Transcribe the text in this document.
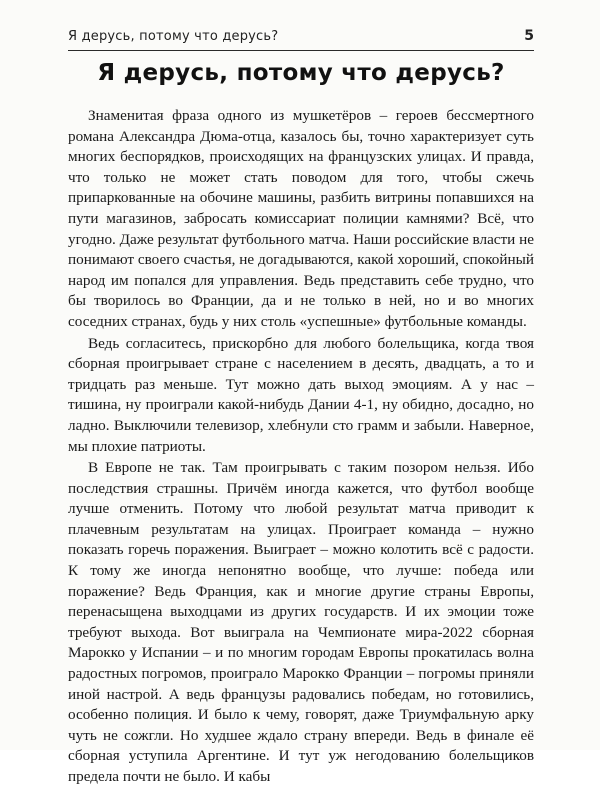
Я дерусь, потому что дерусь?	5
Я дерусь, потому что дерусь?

Знаменитая фраза одного из мушкетёров – героев бессмертного романа Александра Дюма-отца, казалось бы, точно характеризует суть многих беспорядков, происходящих на французских улицах. И правда, что только не может стать поводом для того, чтобы сжечь припаркованные на обочине машины, разбить витрины попавшихся на пути магазинов, забросать комиссариат полиции камнями? Всё, что угодно. Даже результат футбольного матча. Наши российские власти не понимают своего счастья, не догадываются, какой хороший, спокойный народ им попался для управления. Ведь представить себе трудно, что бы творилось во Франции, да и не только в ней, но и во многих соседних странах, будь у них столь «успешные» футбольные команды.

Ведь согласитесь, прискорбно для любого болельщика, когда твоя сборная проигрывает стране с населением в десять, двадцать, а то и тридцать раз меньше. Тут можно дать выход эмоциям. А у нас – тишина, ну проиграли какой-нибудь Дании 4-1, ну обидно, досадно, но ладно. Выключили телевизор, хлебнули сто грамм и забыли. Наверное, мы плохие патриоты.

В Европе не так. Там проигрывать с таким позором нельзя. Ибо последствия страшны. Причём иногда кажется, что футбол вообще лучше отменить. Потому что любой результат матча приводит к плачевным результатам на улицах. Проиграет команда – нужно показать горечь поражения. Выиграет – можно колотить всё с радости. К тому же иногда непонятно вообще, что лучше: победа или поражение? Ведь Франция, как и многие другие страны Европы, перенасыщена выходцами из других государств. И их эмоции тоже требуют выхода. Вот выиграла на Чемпионате мира-2022 сборная Марокко у Испании – и по многим городам Европы прокатилась волна радостных погромов, проиграло Марокко Франции – погромы приняли иной настрой. А ведь французы радовались победам, но готовились, особенно полиция. И было к чему, говорят, даже Триумфальную арку чуть не сожгли. Но худшее ждало страну впереди. Ведь в финале её сборная уступила Аргентине. И тут уж негодованию болельщиков предела почти не было. И кабы
